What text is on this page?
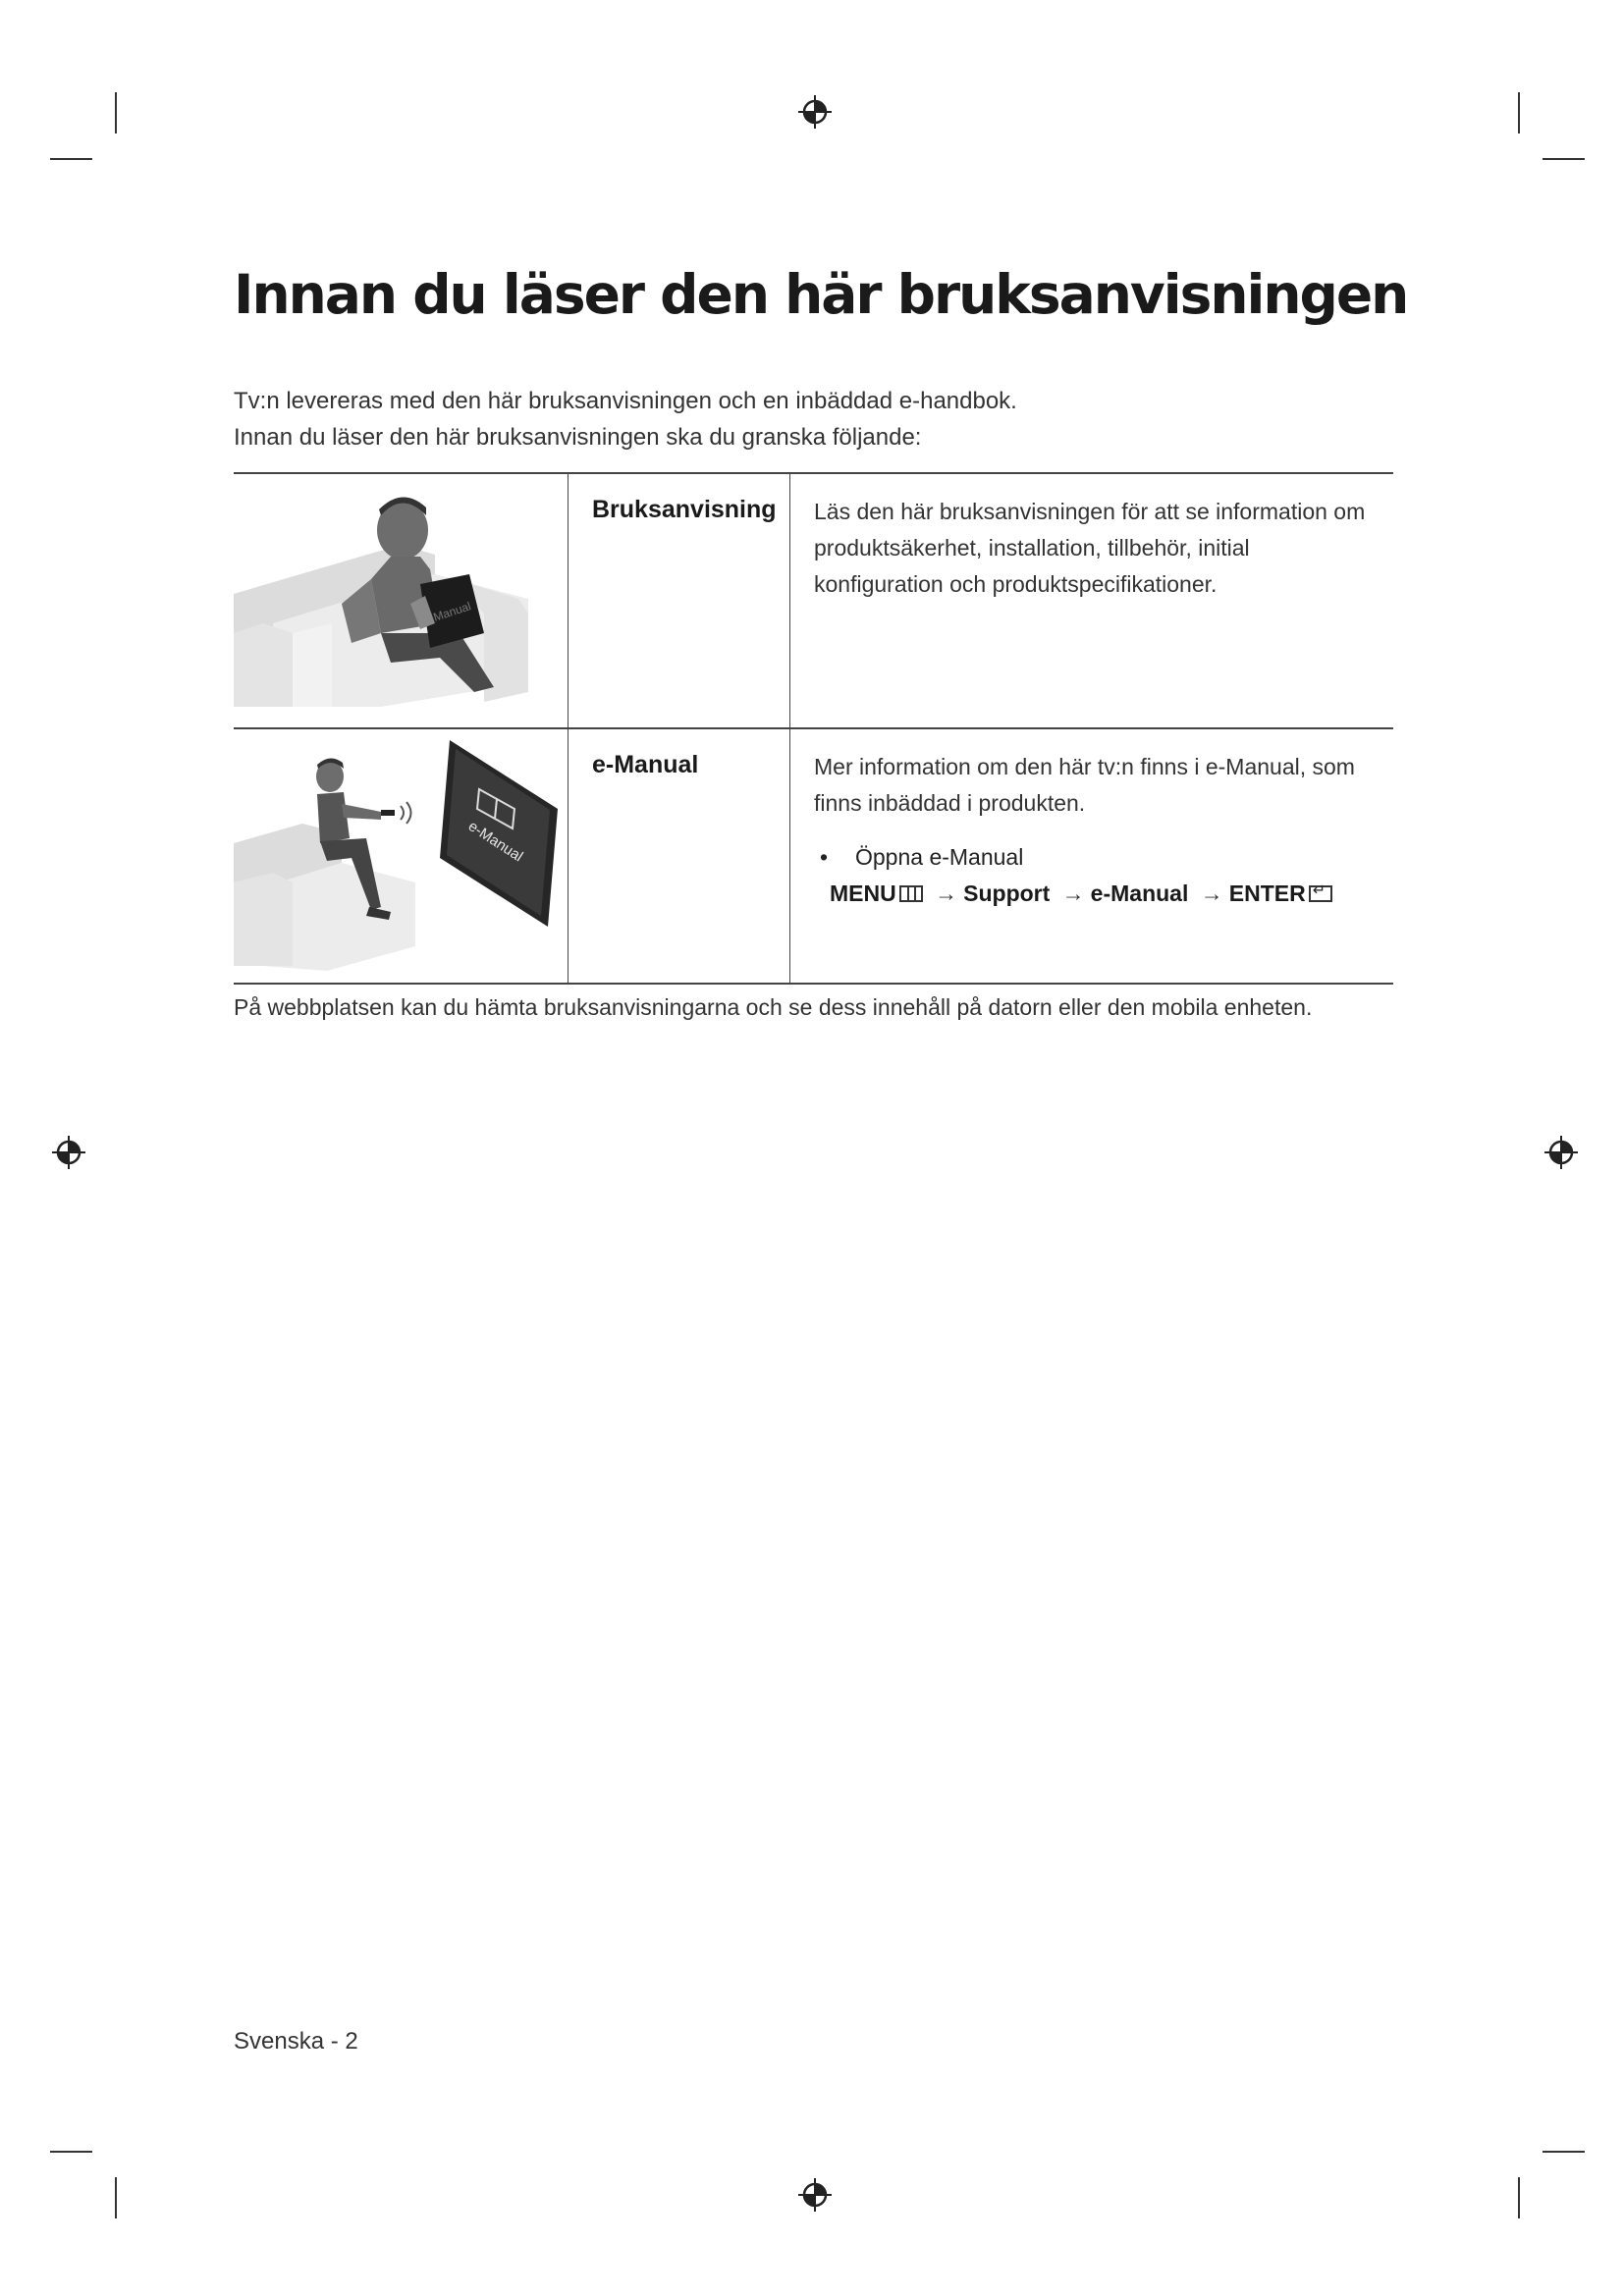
Innan du läser den här bruksanvisningen
Tv:n levereras med den här bruksanvisningen och en inbäddad e-handbok.
Innan du läser den här bruksanvisningen ska du granska följande:
Manual	Bruksanvisning	Läs den här bruksanvisningen för att se information om produktsäkerhet, installation, tillbehör, initial konfiguration och produktspecifikationer.

e-Manual	e-Manual	Mer information om den här tv:n finns i e-Manual, som finns inbäddad i produkten.

• Öppna e-Manual
MENU → Support → e-Manual → ENTER↵
På webbplatsen kan du hämta bruksanvisningarna och se dess innehåll på datorn eller den mobila enheten.
Svenska - 2
